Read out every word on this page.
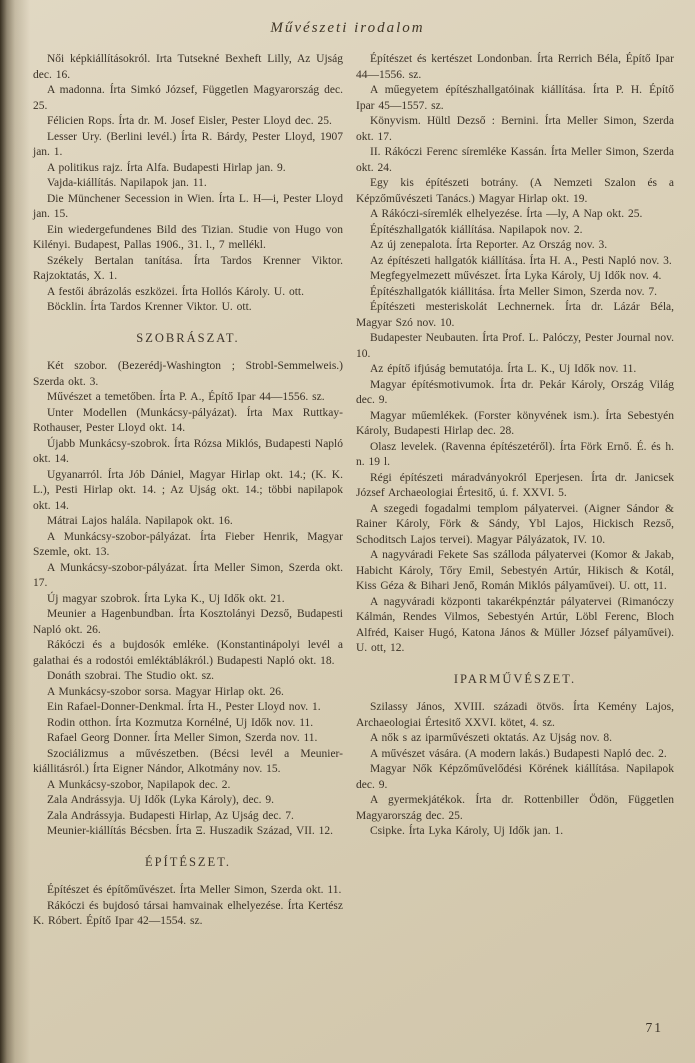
Művészeti irodalom

Női képkiállításokról. Irta Tutsekné Bexheft Lilly, Az Ujság dec. 16.

A madonna. Írta Simkó József, Független Magyarország dec. 25.

Félicien Rops. Írta dr. M. Josef Eisler, Pester Lloyd dec. 25.

Lesser Ury. (Berlini levél.) Írta R. Bárdy, Pester Lloyd, 1907 jan. 1.

A politikus rajz. Írta Alfa. Budapesti Hirlap jan. 9.

Vajda-kiállítás. Napilapok jan. 11.

Die Münchener Secession in Wien. Írta L. H—i, Pester Lloyd jan. 15.

Ein wiedergefundenes Bild des Tizian. Studie von Hugo von Kilényi. Budapest, Pallas 1906., 31. l., 7 mellékl.

Székely Bertalan tanítása. Írta Tardos Krenner Viktor. Rajzoktatás, X. 1.

A festői ábrázolás eszközei. Írta Hollós Károly. U. ott.

Böcklin. Írta Tardos Krenner Viktor. U. ott.

SZOBRÁSZAT.

Két szobor. (Bezerédj-Washington ; Strobl-Semmelweis.) Szerda okt. 3.

Művészet a temetőben. Írta P. A., Építő Ipar 44—1556. sz.

Unter Modellen (Munkácsy-pályázat). Írta Max Ruttkay-Rothauser, Pester Lloyd okt. 14.

Újabb Munkácsy-szobrok. Írta Rózsa Miklós, Budapesti Napló okt. 14.

Ugyanarról. Írta Jób Dániel, Magyar Hirlap okt. 14.; (K. K. L.), Pesti Hirlap okt. 14. ; Az Ujság okt. 14.; többi napilapok okt. 14.

Mátrai Lajos halála. Napilapok okt. 16.

A Munkácsy-szobor-pályázat. Írta Fieber Henrik, Magyar Szemle, okt. 13.

A Munkácsy-szobor-pályázat. Írta Meller Simon, Szerda okt. 17.

Új magyar szobrok. Írta Lyka K., Uj Idők okt. 21.

Meunier a Hagenbundban. Írta Kosztolányi Dezső, Budapesti Napló okt. 26.

Rákóczi és a bujdosók emléke. (Konstantinápolyi levél a galathai és a rodostói emléktáblákról.) Budapesti Napló okt. 18.

Donáth szobrai. The Studio okt. sz.

A Munkácsy-szobor sorsa. Magyar Hirlap okt. 26.

Ein Rafael-Donner-Denkmal. Írta H., Pester Lloyd nov. 1.

Rodin otthon. Írta Kozmutza Kornélné, Uj Idők nov. 11.

Rafael Georg Donner. Írta Meller Simon, Szerda nov. 11.

Szociálizmus a művészetben. (Bécsi levél a Meunier-kiállitásról.) Írta Eigner Nándor, Alkotmány nov. 15.

A Munkácsy-szobor, Napilapok dec. 2.

Zala Andrássyja. Uj Idők (Lyka Károly), dec. 9.

Zala Andrássyja. Budapesti Hirlap, Az Ujság dec. 7.

Meunier-kiállítás Bécsben. Írta Ξ. Huszadik Század, VII. 12.

ÉPÍTÉSZET.

Építészet és építőművészet. Írta Meller Simon, Szerda okt. 11.

Rákóczi és bujdosó társai hamvainak elhelyezése. Írta Kertész K. Róbert. Építő Ipar 42—1554. sz.

Építészet és kertészet Londonban. Írta Rerrich Béla, Építő Ipar 44—1556. sz.

A műegyetem építészhallgatóinak kiállítása. Írta P. H. Építő Ipar 45—1557. sz.

Könyvism. Hültl Dezső : Bernini. Írta Meller Simon, Szerda okt. 17.

II. Rákóczi Ferenc síremléke Kassán. Írta Meller Simon, Szerda okt. 24.

Egy kis építészeti botrány. (A Nemzeti Szalon és a Képzőművészeti Tanács.) Magyar Hirlap okt. 19.

A Rákóczi-síremlék elhelyezése. Írta —ly, A Nap okt. 25.

Építészhallgatók kiállítása. Napilapok nov. 2.

Az új zenepalota. Írta Reporter. Az Ország nov. 3.

Az építészeti hallgatók kiállítása. Írta H. A., Pesti Napló nov. 3.

Megfegyelmezett művészet. Írta Lyka Károly, Uj Idők nov. 4.

Építészhallgatók kiállitása. Írta Meller Simon, Szerda nov. 7.

Építészeti mesteriskolát Lechnernek. Írta dr. Lázár Béla, Magyar Szó nov. 10.

Budapester Neubauten. Írta Prof. L. Palóczy, Pester Journal nov. 10.

Az építő ifjúság bemutatója. Írta L. K., Uj Idők nov. 11.

Magyar építésmotivumok. Írta dr. Pekár Károly, Ország Világ dec. 9.

Magyar műemlékek. (Forster könyvének ism.). Írta Sebestyén Károly, Budapesti Hirlap dec. 28.

Olasz levelek. (Ravenna építészetéről). Írta Förk Ernő. É. és h. n. 19 l.

Régi építészeti máradványokról Eperjesen. Írta dr. Janicsek József Archaeologiai Értesitő, ú. f. XXVI. 5.

A szegedi fogadalmi templom pályatervei. (Aigner Sándor & Rainer Károly, Förk & Sándy, Ybl Lajos, Hickisch Rezső, Schoditsch Lajos tervei). Magyar Pályázatok, IV. 10.

A nagyváradi Fekete Sas szálloda pályatervei (Komor & Jakab, Habicht Károly, Tőry Emil, Sebestyén Artúr, Hikisch & Kotál, Kiss Géza & Bihari Jenő, Román Miklós pályaművei). U. ott, 11.

A nagyváradi központi takarékpénztár pályatervei (Rimanóczy Kálmán, Rendes Vilmos, Sebestyén Artúr, Löbl Ferenc, Bloch Alfréd, Kaiser Hugó, Katona János & Müller József pályaművei). U. ott, 12.

IPARMŰVÉSZET.

Szilassy János, XVIII. századi ötvös. Írta Kemény Lajos, Archaeologiai Értesitő XXVI. kötet, 4. sz.

A nők s az iparművészeti oktatás. Az Ujság nov. 8.

A művészet vására. (A modern lakás.) Budapesti Napló dec. 2.

Magyar Nők Képzőművelődési Körének kiállítása. Napilapok dec. 9.

A gyermekjátékok. Írta dr. Rottenbiller Ödön, Független Magyarország dec. 25.

Csipke. Írta Lyka Károly, Uj Idők jan. 1.

71
